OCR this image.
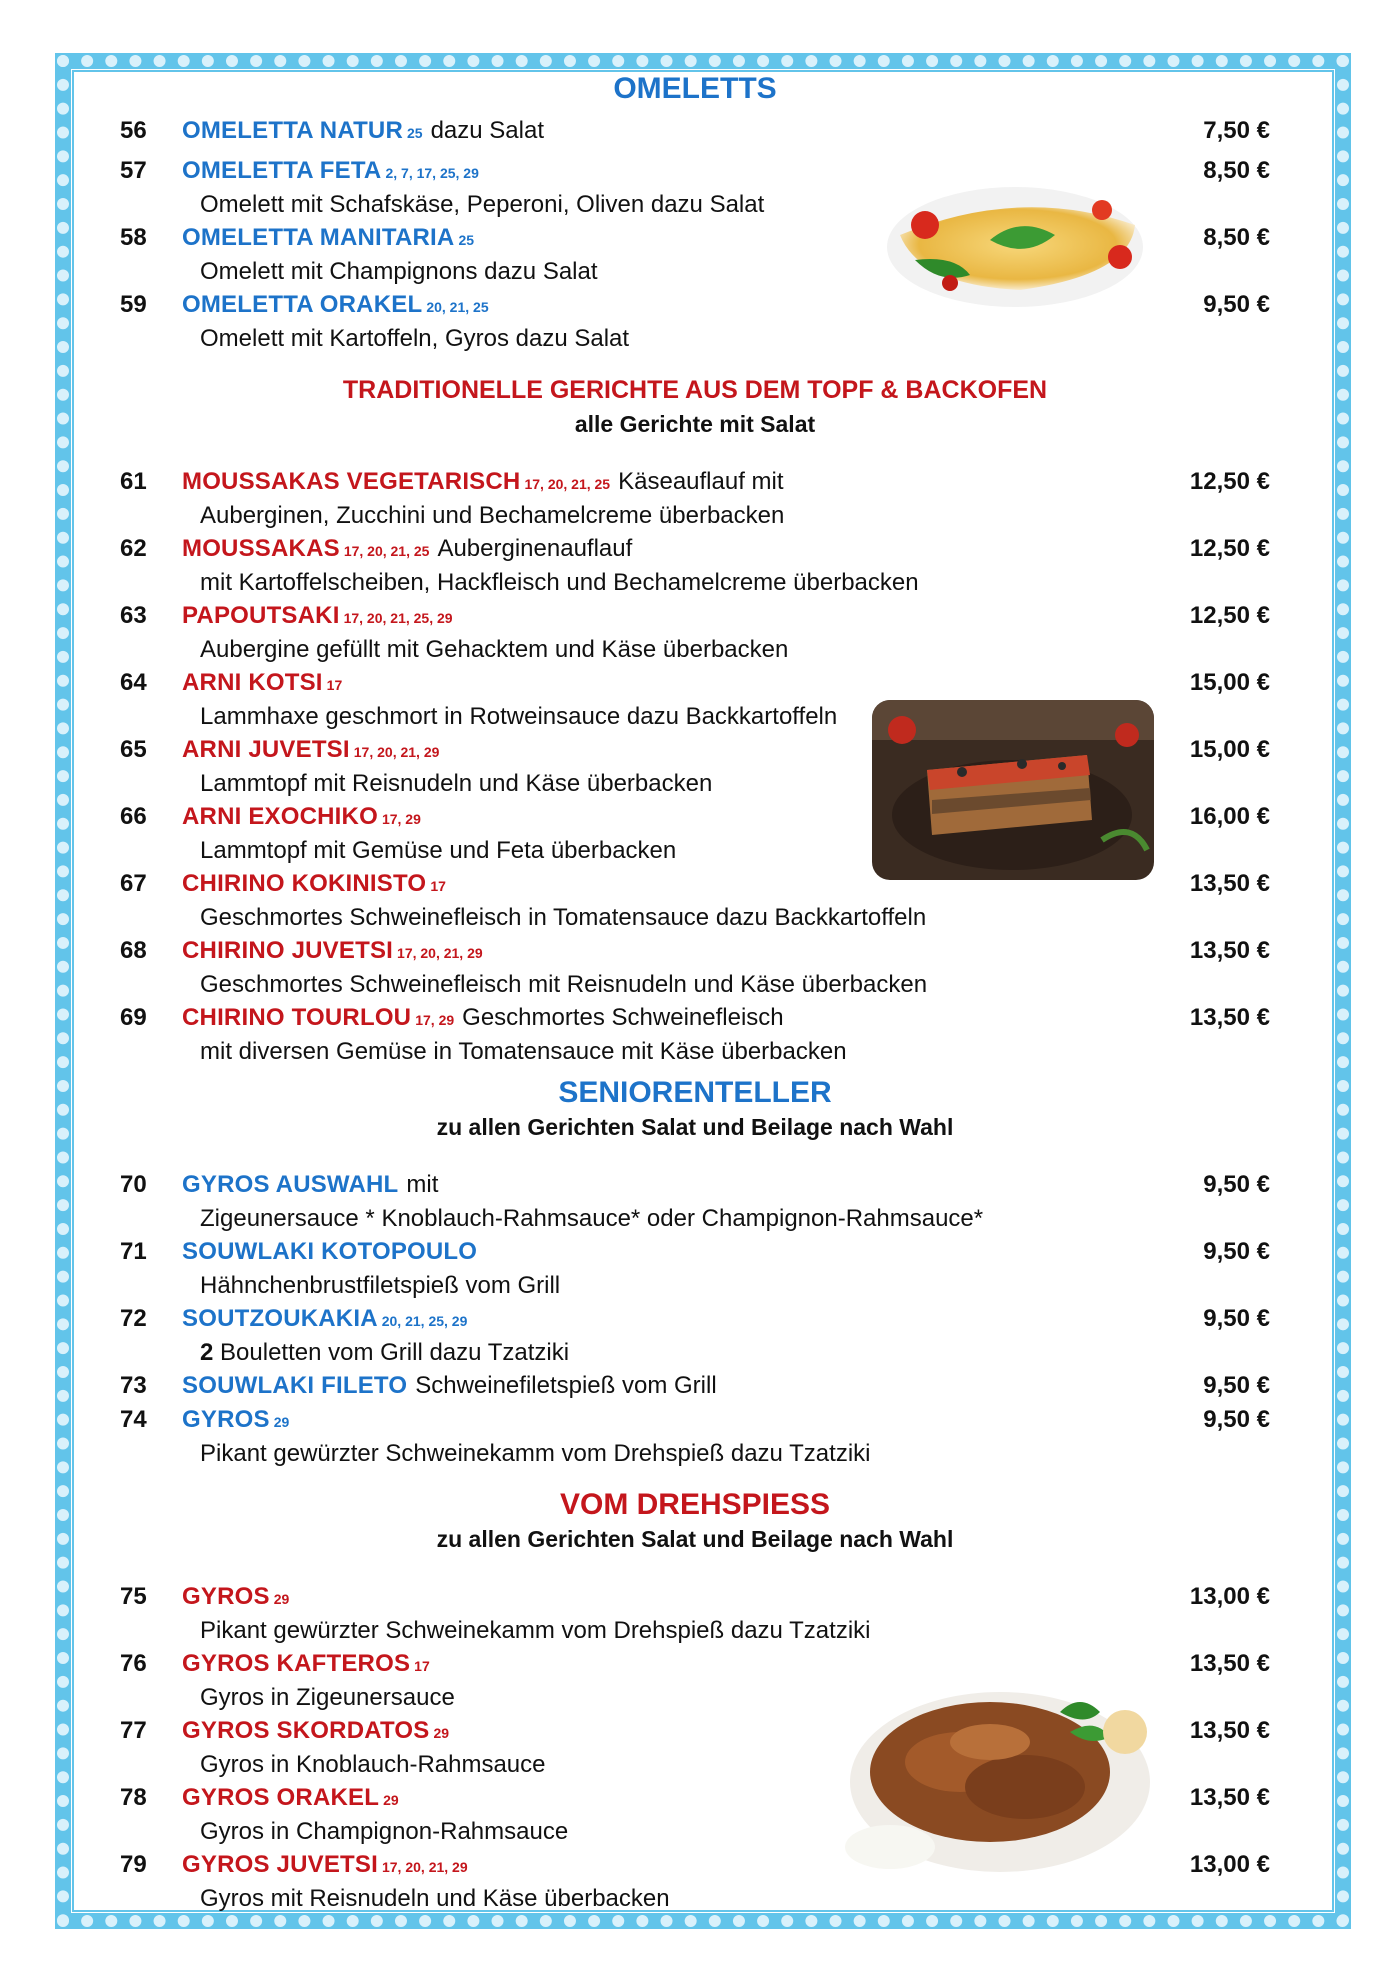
OMELETTS
56	OMELETTA NATUR 25 dazu Salat	7,50 €
57	OMELETTA FETA 2, 7, 17, 25, 29	8,50 €
Omelett mit Schafskäse, Peperoni, Oliven dazu Salat
58	OMELETTA MANITARIA 25	8,50 €
Omelett mit Champignons dazu Salat
59	OMELETTA ORAKEL 20, 21, 25	9,50 €
Omelett mit Kartoffeln, Gyros dazu Salat
TRADITIONELLE GERICHTE AUS DEM TOPF & BACKOFEN
alle Gerichte mit Salat
61	MOUSSAKAS VEGETARISCH 17, 20, 21, 25 Käseauflauf mit	12,50 €
Auberginen, Zucchini und Bechamelcreme überbacken
62	MOUSSAKAS 17, 20, 21, 25 Auberginenauflauf	12,50 €
mit Kartoffelscheiben, Hackfleisch und Bechamelcreme überbacken
63	PAPOUTSAKI 17, 20, 21, 25, 29	12,50 €
Aubergine gefüllt mit Gehacktem und Käse überbacken
64	ARNI KOTSI 17	15,00 €
Lammhaxe geschmort in Rotweinsauce dazu Backkartoffeln
65	ARNI JUVETSI 17, 20, 21, 29	15,00 €
Lammtopf mit Reisnudeln und Käse überbacken
66	ARNI EXOCHIKO 17, 29	16,00 €
Lammtopf mit Gemüse und Feta überbacken
67	CHIRINO KOKINISTO 17	13,50 €
Geschmortes Schweinefleisch in Tomatensauce dazu Backkartoffeln
68	CHIRINO JUVETSI 17, 20, 21, 29	13,50 €
Geschmortes Schweinefleisch mit Reisnudeln und Käse überbacken
69	CHIRINO TOURLOU 17, 29 Geschmortes Schweinefleisch	13,50 €
mit diversen Gemüse in Tomatensauce mit Käse überbacken
SENIORENTELLER
zu allen Gerichten Salat und Beilage nach Wahl
70	GYROS AUSWAHL mit	9,50 €
Zigeunersauce * Knoblauch-Rahmsauce* oder Champignon-Rahmsauce*
71	SOUWLAKI KOTOPOULO	9,50 €
Hähnchenbrustfiletspieß vom Grill
72	SOUTZOUKAKIA 20, 21, 25, 29	9,50 €
2 Bouletten vom Grill dazu Tzatziki
73	SOUWLAKI FILETO Schweinefiletspieß vom Grill	9,50 €
74	GYROS 29	9,50 €
Pikant gewürzter Schweinekamm vom Drehspieß dazu Tzatziki
VOM DREHSPIESS
zu allen Gerichten Salat und Beilage nach Wahl
75	GYROS 29	13,00 €
Pikant gewürzter Schweinekamm vom Drehspieß dazu Tzatziki
76	GYROS KAFTEROS 17	13,50 €
Gyros in Zigeunersauce
77	GYROS SKORDATOS 29	13,50 €
Gyros in Knoblauch-Rahmsauce
78	GYROS ORAKEL 29	13,50 €
Gyros in Champignon-Rahmsauce
79	GYROS JUVETSI 17, 20, 21, 29	13,00 €
Gyros mit Reisnudeln und Käse überbacken
